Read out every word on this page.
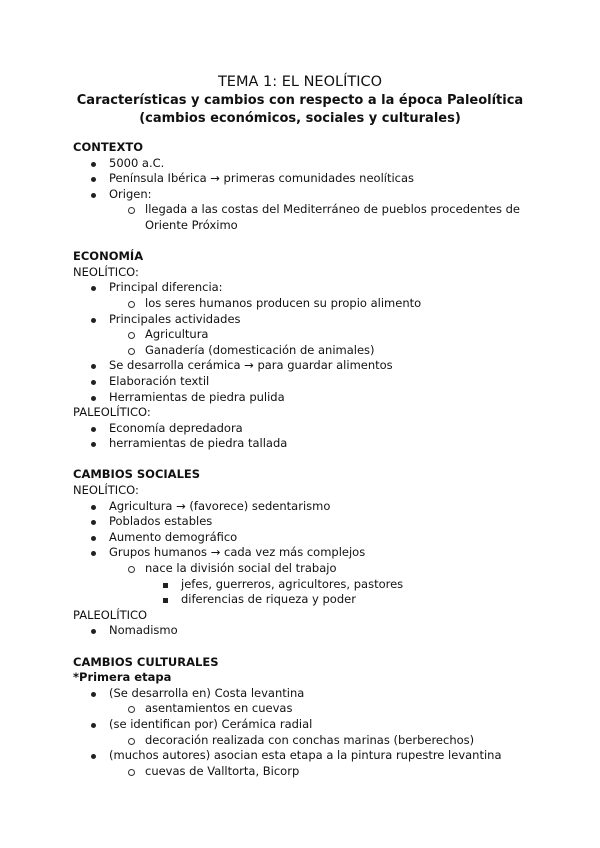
TEMA 1: EL NEOLÍTICO
Características y cambios con respecto a la época Paleolítica
(cambios económicos, sociales y culturales)
CONTEXTO
5000 a.C.
Península Ibérica → primeras comunidades neolíticas
Origen:
llegada a las costas del Mediterráneo de pueblos procedentes de
Oriente Próximo
ECONOMÍA
NEOLÍTICO:
Principal diferencia:
los seres humanos producen su propio alimento
Principales actividades
Agricultura
Ganadería (domesticación de animales)
Se desarrolla cerámica → para guardar alimentos
Elaboración textil
Herramientas de piedra pulida
PALEOLÍTICO:
Economía depredadora
herramientas de piedra tallada
CAMBIOS SOCIALES
NEOLÍTICO:
Agricultura → (favorece) sedentarismo
Poblados estables
Aumento demográfico
Grupos humanos → cada vez más complejos
nace la división social del trabajo
jefes, guerreros, agricultores, pastores
diferencias de riqueza y poder
PALEOLÍTICO
Nomadismo
CAMBIOS CULTURALES
*Primera etapa
(Se desarrolla en) Costa levantina
asentamientos en cuevas
(se identifican por) Cerámica radial
decoración realizada con conchas marinas (berberechos)
(muchos autores) asocian esta etapa a la pintura rupestre levantina
cuevas de Valltorta, Bicorp
